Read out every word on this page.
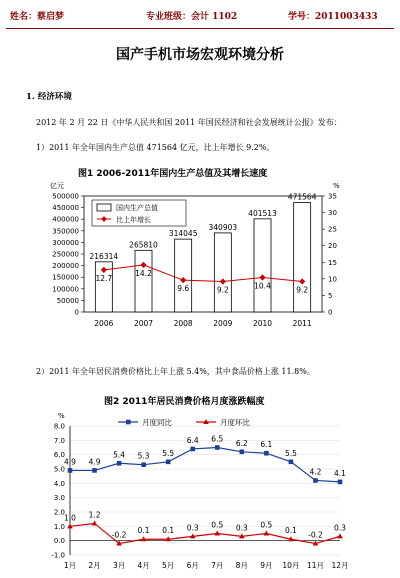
姓名：蔡启梦	专业班级：会计 1102	学号：2011003433
国产手机市场宏观环境分析
1. 经济环境
2012 年 2 月 22 日《中华人民共和国 2011 年国民经济和社会发展统计公报》发布：
1）2011 年全年国内生产总值 471564 亿元，比上年增长 9.2%。
图1 2006-2011年国内生产总值及其增长速度
亿元	%
0
50000
100000
150000
200000
250000
300000
350000
400000
450000
500000
0
5
10
15
20
25
30
35
216314
2006
265810
2007
314045
2008
340903
2009
401513
2010
471564
2011
12.7
14.2
9.6	9.2	10.4	9.2
国内生产总值
比上年增长
2）2011 年全年居民消费价格比上年上涨 5.4%，其中食品价格上涨 11.8%。
图2 2011年居民消费价格月度涨跌幅度
%
-1.0
0.0
1.0
2.0
3.0
4.0
5.0
6.0
7.0
8.0
1月 2月 3月 4月 5月 6月 7月 8月 9月 10月 11月 12月
4.9 4.9
5.4 5.3 5.5
6.4 6.5 6.2 6.1
5.5
4.2 4.1
1.0 1.2
-0.2 0.1 0.1 0.3 0.5 0.3 0.5
0.1 -0.2
0.3
月度同比	月度环比
